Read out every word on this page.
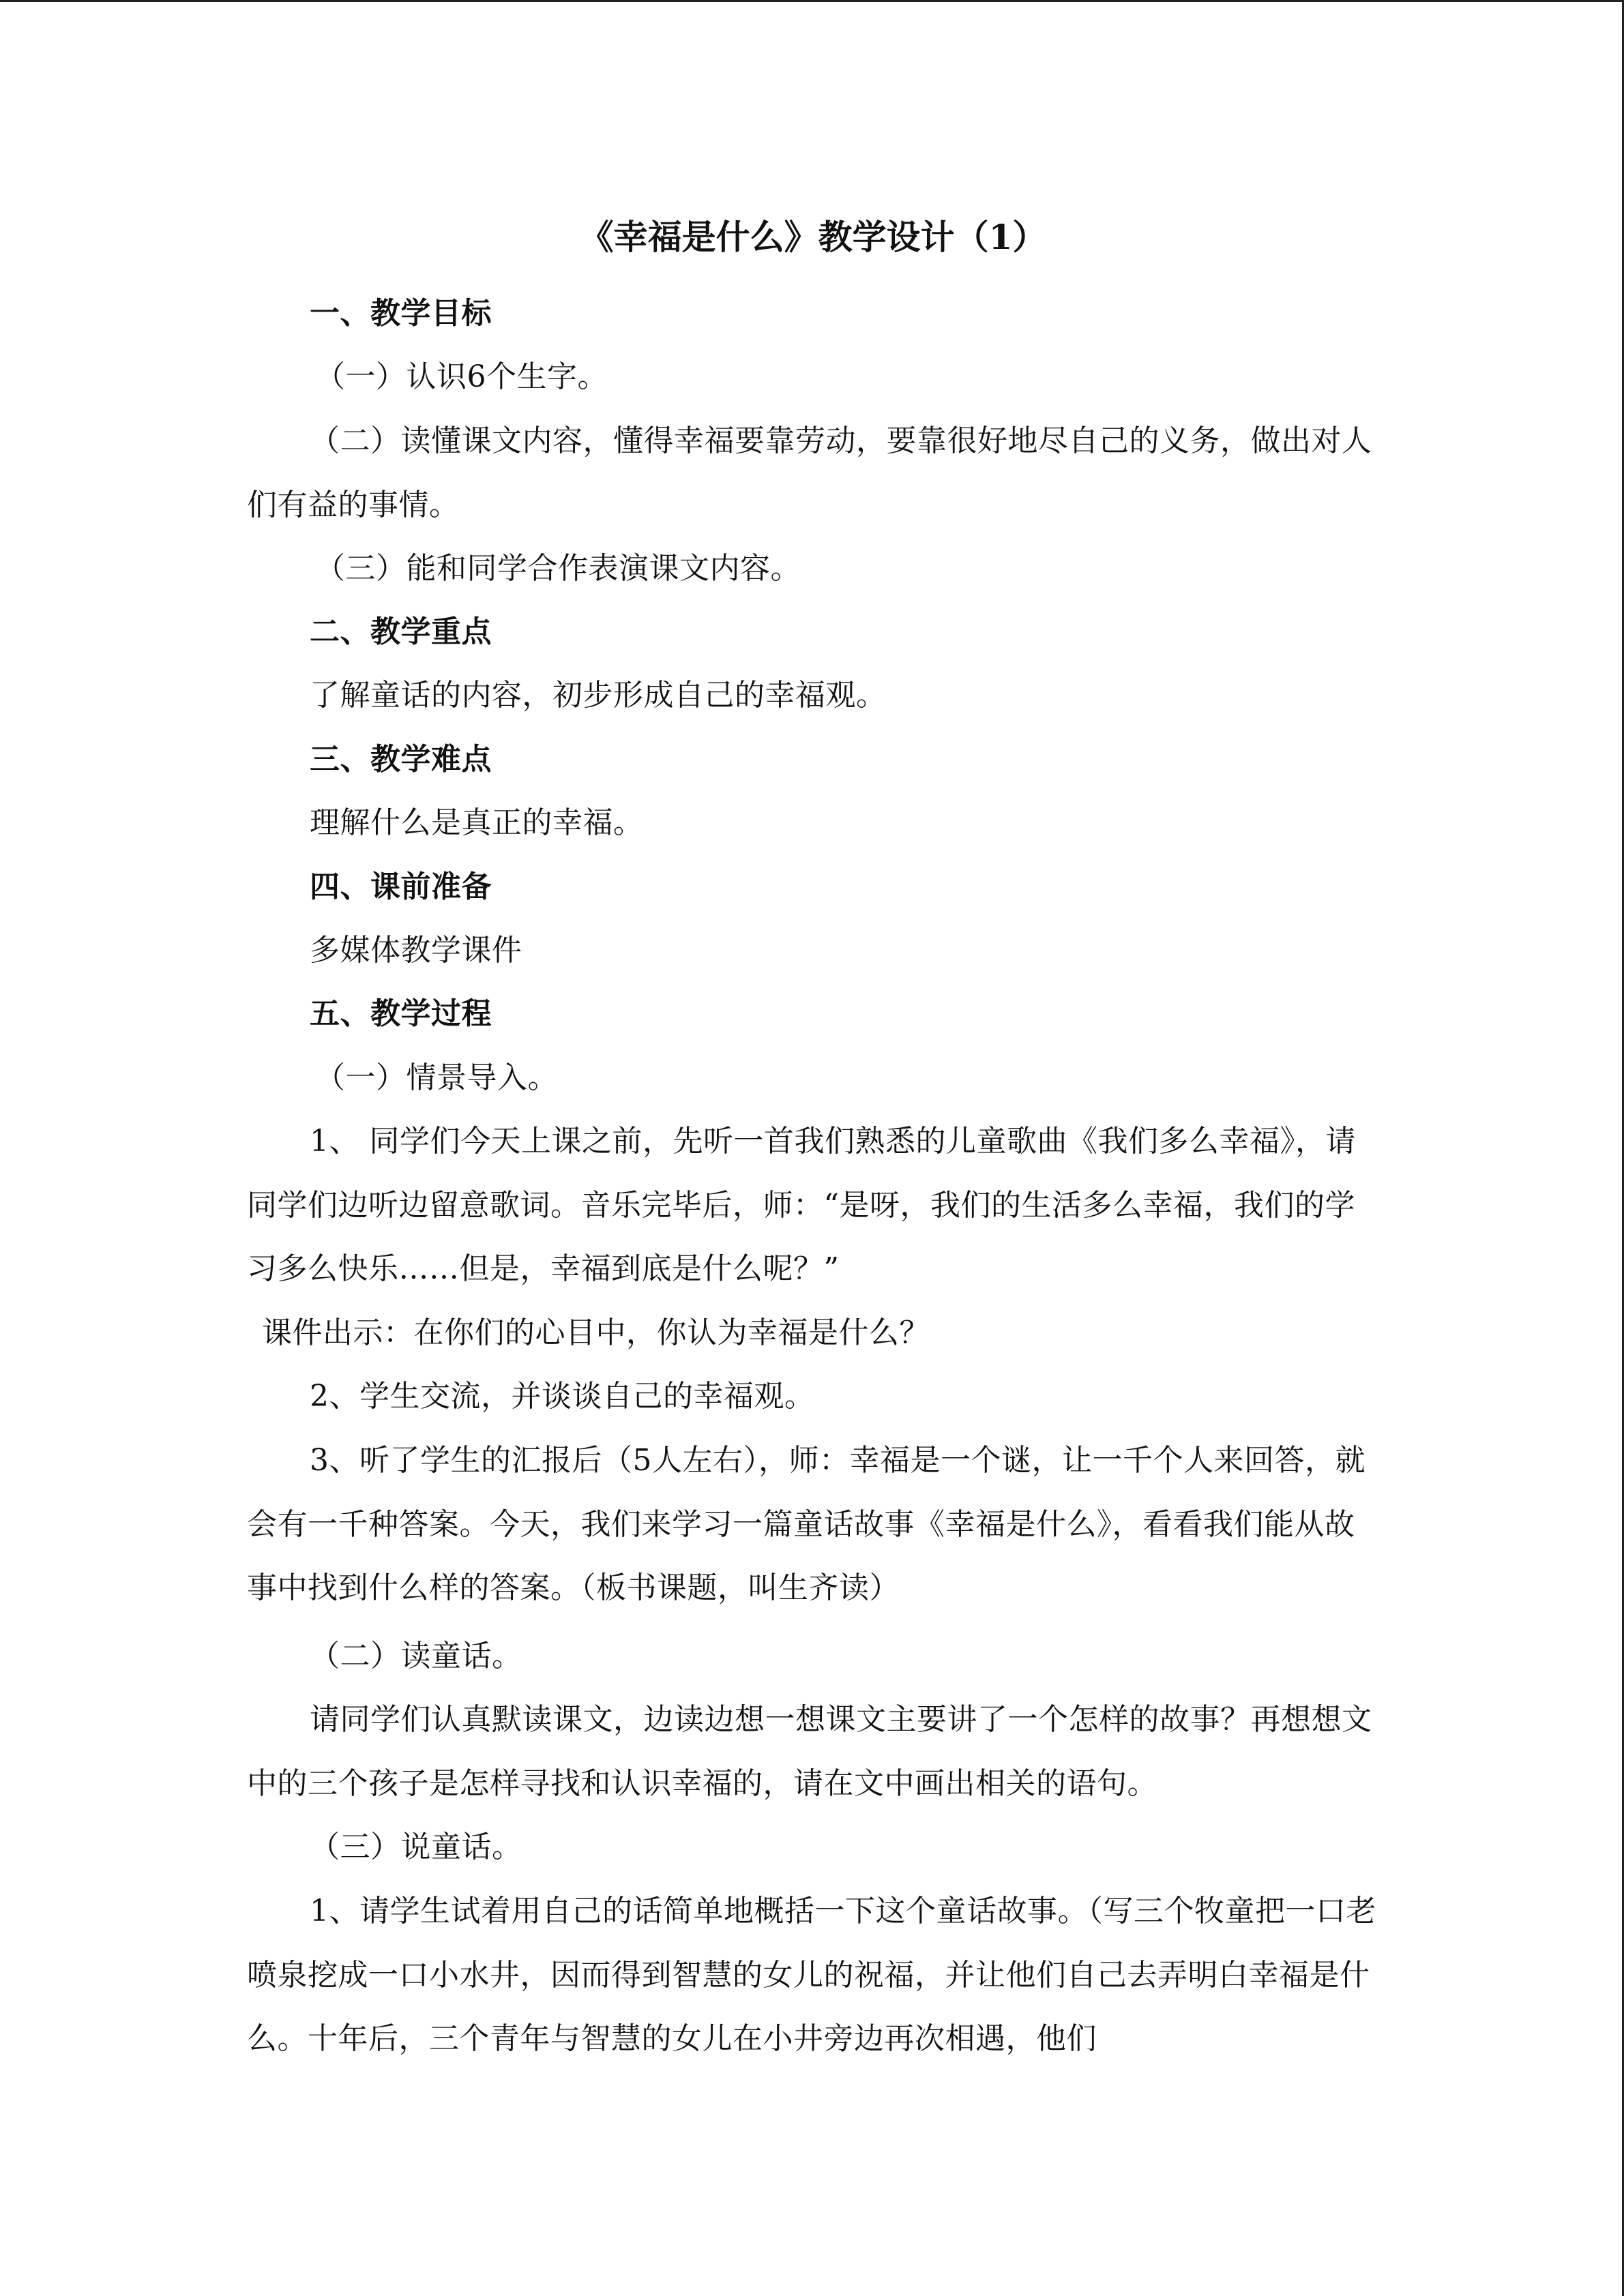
《幸福是什么》教学设计（1）
一、教学目标
（一）认识6个生字。

（二）读懂课文内容，懂得幸福要靠劳动，要靠很好地尽自己的义务，做出对人们有益的事情。

（三）能和同学合作表演课文内容。
二、教学重点
了解童话的内容，初步形成自己的幸福观。
三、教学难点
理解什么是真正的幸福。
四、课前准备
多媒体教学课件
五、教学过程
（一）情景导入。

1、 同学们今天上课之前，先听一首我们熟悉的儿童歌曲《我们多么幸福》，请同学们边听边留意歌词。音乐完毕后，师：“是呀，我们的生活多么幸福，我们的学习多么快乐……但是，幸福到底是什么呢？”

课件出示：在你们的心目中，你认为幸福是什么？
2、学生交流，并谈谈自己的幸福观。

3、听了学生的汇报后（5人左右），师：幸福是一个谜，让一千个人来回答，就会有一千种答案。今天，我们来学习一篇童话故事《幸福是什么》，看看我们能从故事中找到什么样的答案。（板书课题，叫生齐读）

（二）读童话。

请同学们认真默读课文，边读边想一想课文主要讲了一个怎样的故事？再想想文中的三个孩子是怎样寻找和认识幸福的，请在文中画出相关的语句。

（三）说童话。

1、请学生试着用自己的话简单地概括一下这个童话故事。（写三个牧童把一口老喷泉挖成一口小水井，因而得到智慧的女儿的祝福，并让他们自己去弄明白幸福是什么。十年后，三个青年与智慧的女儿在小井旁边再次相遇，他们
